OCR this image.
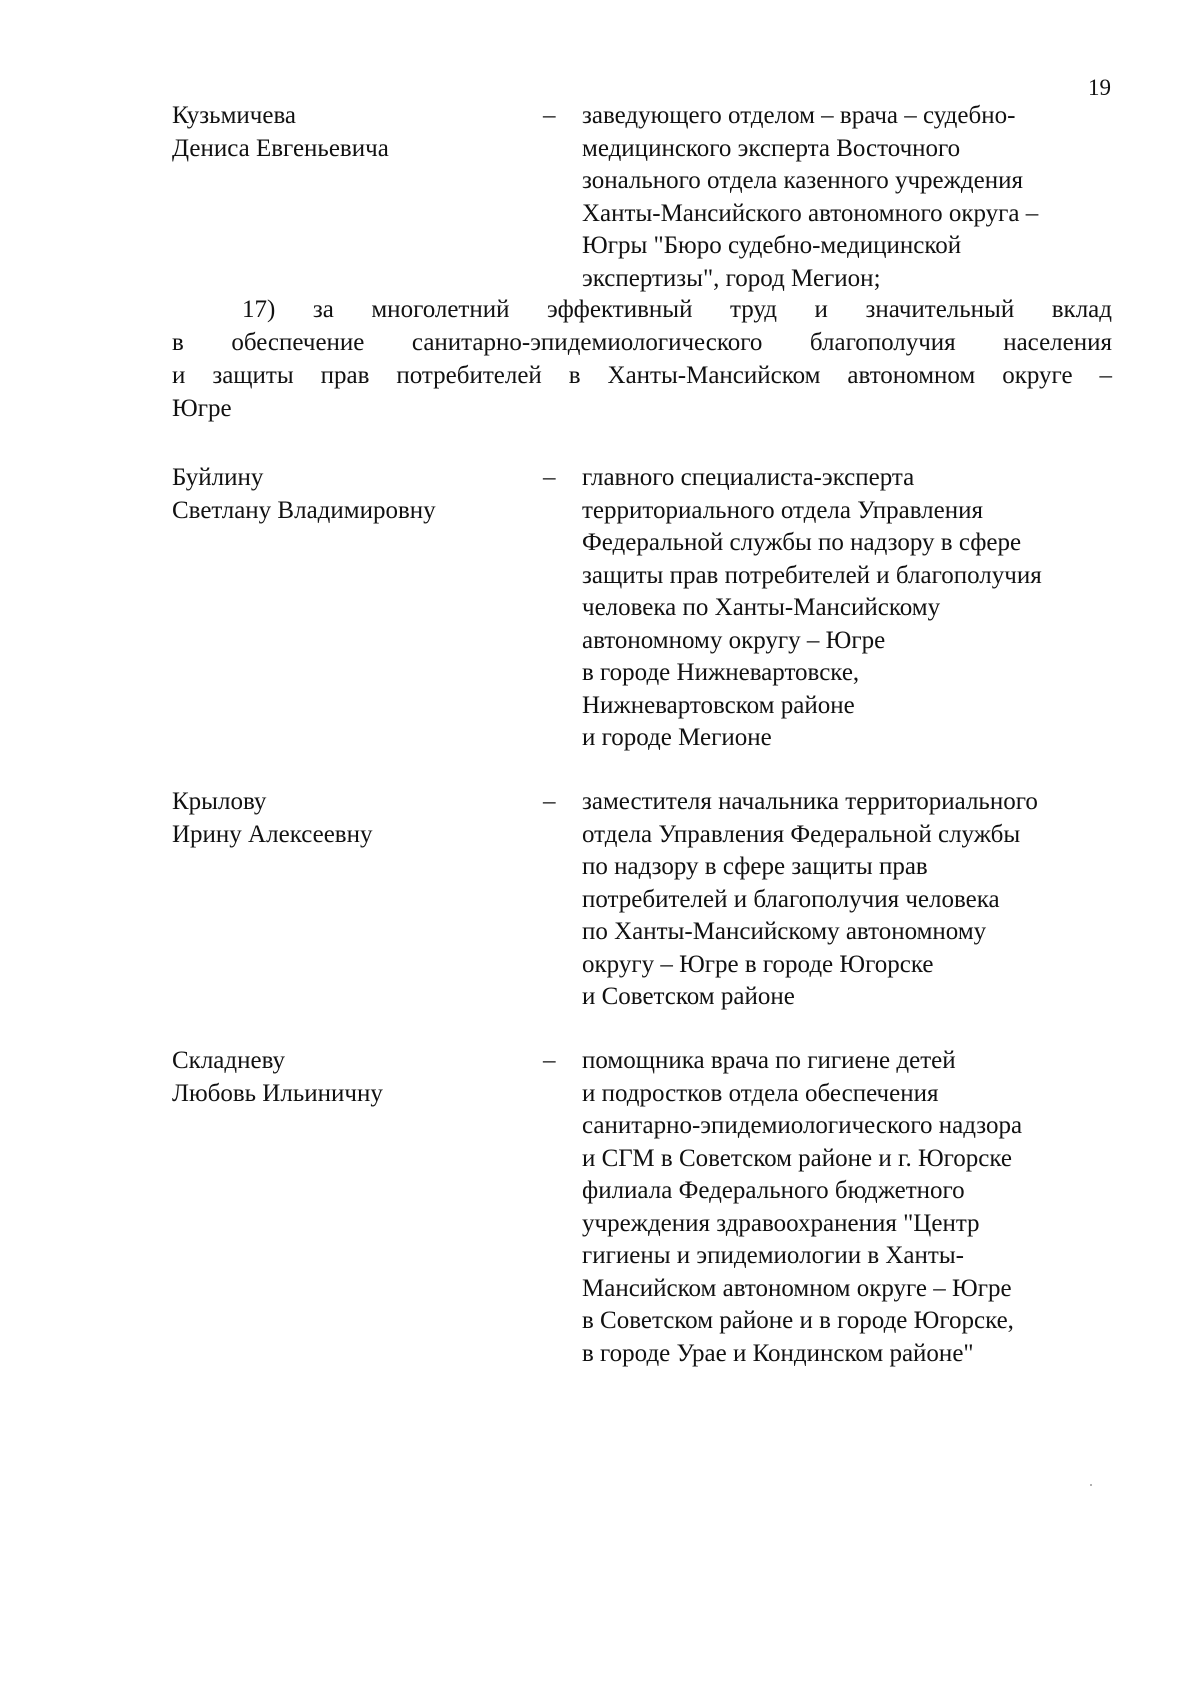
19
Кузьмичева
Дениса Евгеньевича
– заведующего отделом – врача – судебно-
медицинского эксперта Восточного
зонального отдела казенного учреждения
Ханты-Мансийского автономного округа –
Югры "Бюро судебно-медицинской
экспертизы", город Мегион;
17) за многолетний эффективный труд и значительный вклад
в обеспечение санитарно-эпидемиологического благополучия населения
и защиты прав потребителей в Ханты-Мансийском автономном округе –
Югре
Буйлину
Светлану Владимировну
– главного специалиста-эксперта
территориального отдела Управления
Федеральной службы по надзору в сфере
защиты прав потребителей и благополучия
человека по Ханты-Мансийскому
автономному округу – Югре
в городе Нижневартовске,
Нижневартовском районе
и городе Мегионе
Крылову
Ирину Алексеевну
– заместителя начальника территориального
отдела Управления Федеральной службы
по надзору в сфере защиты прав
потребителей и благополучия человека
по Ханты-Мансийскому автономному
округу – Югре в городе Югорске
и Советском районе
Складневу
Любовь Ильиничну
– помощника врача по гигиене детей
и подростков отдела обеспечения
санитарно-эпидемиологического надзора
и СГМ в Советском районе и г. Югорске
филиала Федерального бюджетного
учреждения здравоохранения "Центр
гигиены и эпидемиологии в Ханты-
Мансийском автономном округе – Югре
в Советском районе и в городе Югорске,
в городе Урае и Кондинском районе"
